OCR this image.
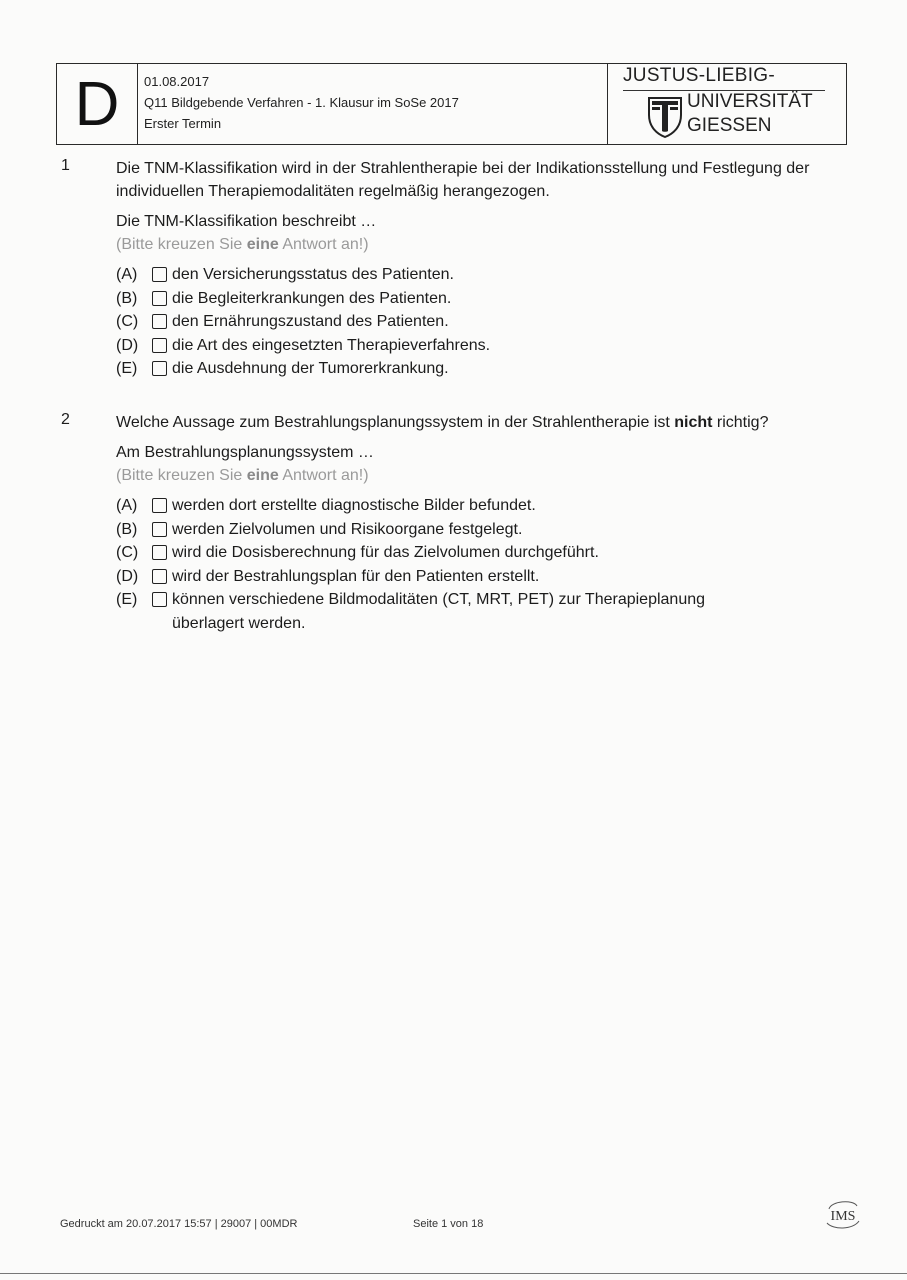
D 01.08.2017
Q11 Bildgebende Verfahren - 1. Klausur im SoSe 2017
Erster Termin
JUSTUS-LIEBIG-
UNIVERSITÄT
GIESSEN
1	Die TNM-Klassifikation wird in der Strahlentherapie bei der Indikationsstellung und Festlegung der individuellen Therapiemodalitäten regelmäßig herangezogen.

Die TNM-Klassifikation beschreibt …

(Bitte kreuzen Sie eine Antwort an!)

(A)	den Versicherungsstatus des Patienten.
(B)	die Begleiterkrankungen des Patienten.
(C)	den Ernährungszustand des Patienten.
(D)	die Art des eingesetzten Therapieverfahrens.
(E)	die Ausdehnung der Tumorerkrankung.
2	Welche Aussage zum Bestrahlungsplanungssystem in der Strahlentherapie ist nicht richtig?

Am Bestrahlungsplanungssystem …

(Bitte kreuzen Sie eine Antwort an!)

(A)	werden dort erstellte diagnostische Bilder befundet.
(B)	werden Zielvolumen und Risikoorgane festgelegt.
(C)	wird die Dosisberechnung für das Zielvolumen durchgeführt.
(D)	wird der Bestrahlungsplan für den Patienten erstellt.
(E)	können verschiedene Bildmodalitäten (CT, MRT, PET) zur Therapieplanung überlagert werden.
Gedruckt am 20.07.2017 15:57 | 29007 | 00MDR	Seite 1 von 18	IMS
